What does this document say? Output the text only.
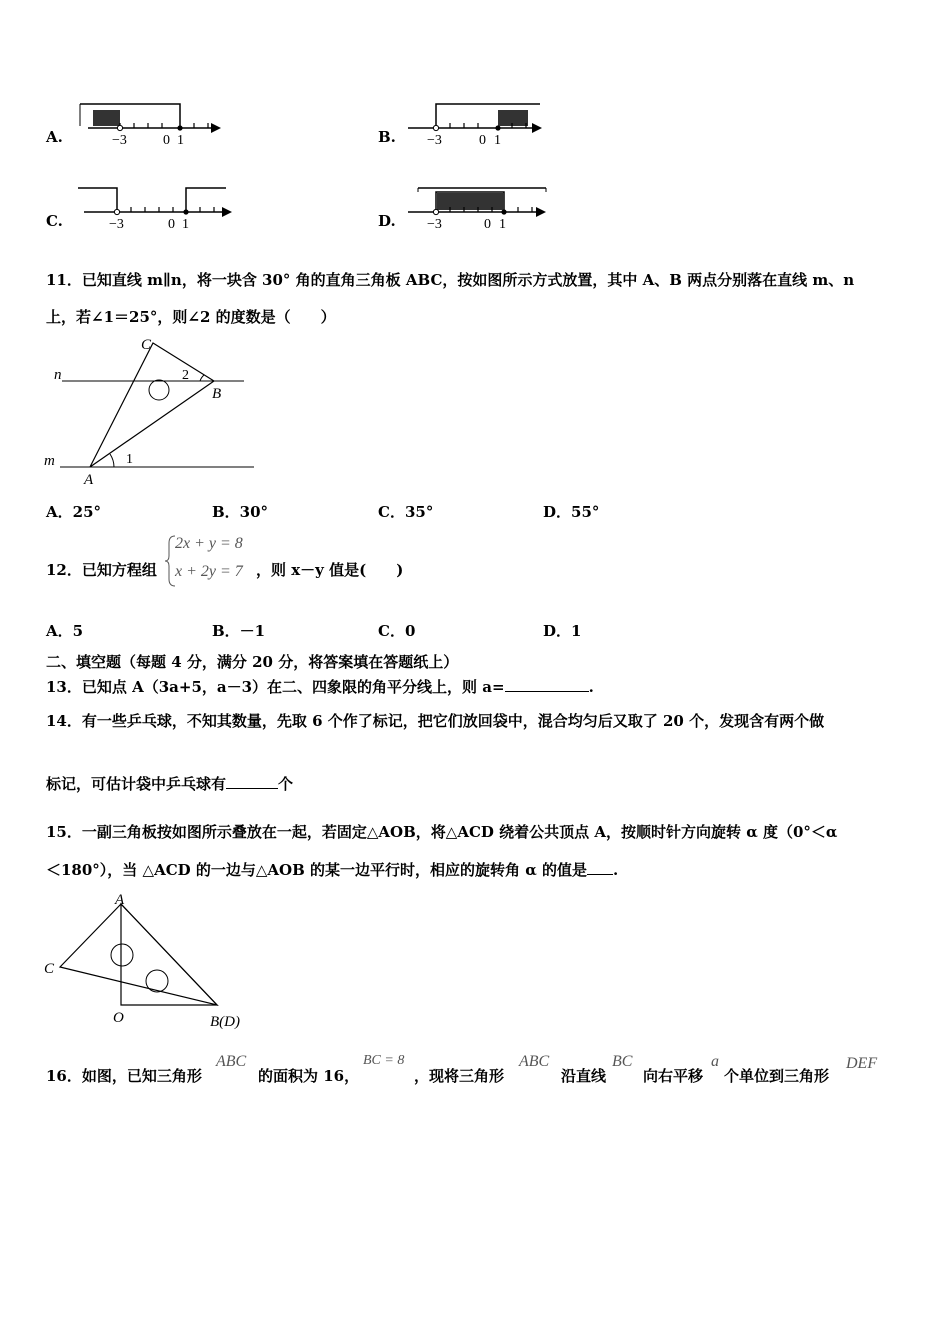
A.	−3	0 1	B. −3	0 1
C.	−3	0 1	D. −3	0 1
11．已知直线 m∥n，将一块含 30° 角的直角三角板 ABC，按如图所示方式放置，其中 A、B 两点分别落在直线 m、n
上，若∠1＝25°，则∠2 的度数是（　　）
n
m
C
B
A
1
2
A．25°	B．30°	C．35°	D．55°
12．已知方程组
2x + y = 8
x + 2y = 7 ，则 x－y 值是(　　)
A．5	B．－1	C．0	D．1
二、填空题（每题 4 分，满分 20 分，将答案填在答题纸上）
13．已知点 A（3a+5，a－3）在二、四象限的角平分线上，则 a=	.
14．有一些乒乓球，不知其数量，先取 6 个作了标记，把它们放回袋中，混合均匀后又取了 20 个，发现含有两个做
标记，可估计袋中乒乓球有	个
15．一副三角板按如图所示叠放在一起，若固定△AOB，将△ACD 绕着公共顶点 A，按顺时针方向旋转 α 度（0°＜α
＜180°），当 △ACD 的一边与△AOB 的某一边平行时，相应的旋转角 α 的值是 .
A
C
O	B(D)
16．如图，已知三角形
ABC
的面积为 16，
BC = 8
，现将三角形
ABC
沿直线
BC
向右平移
a
个单位到三角形
DEF
